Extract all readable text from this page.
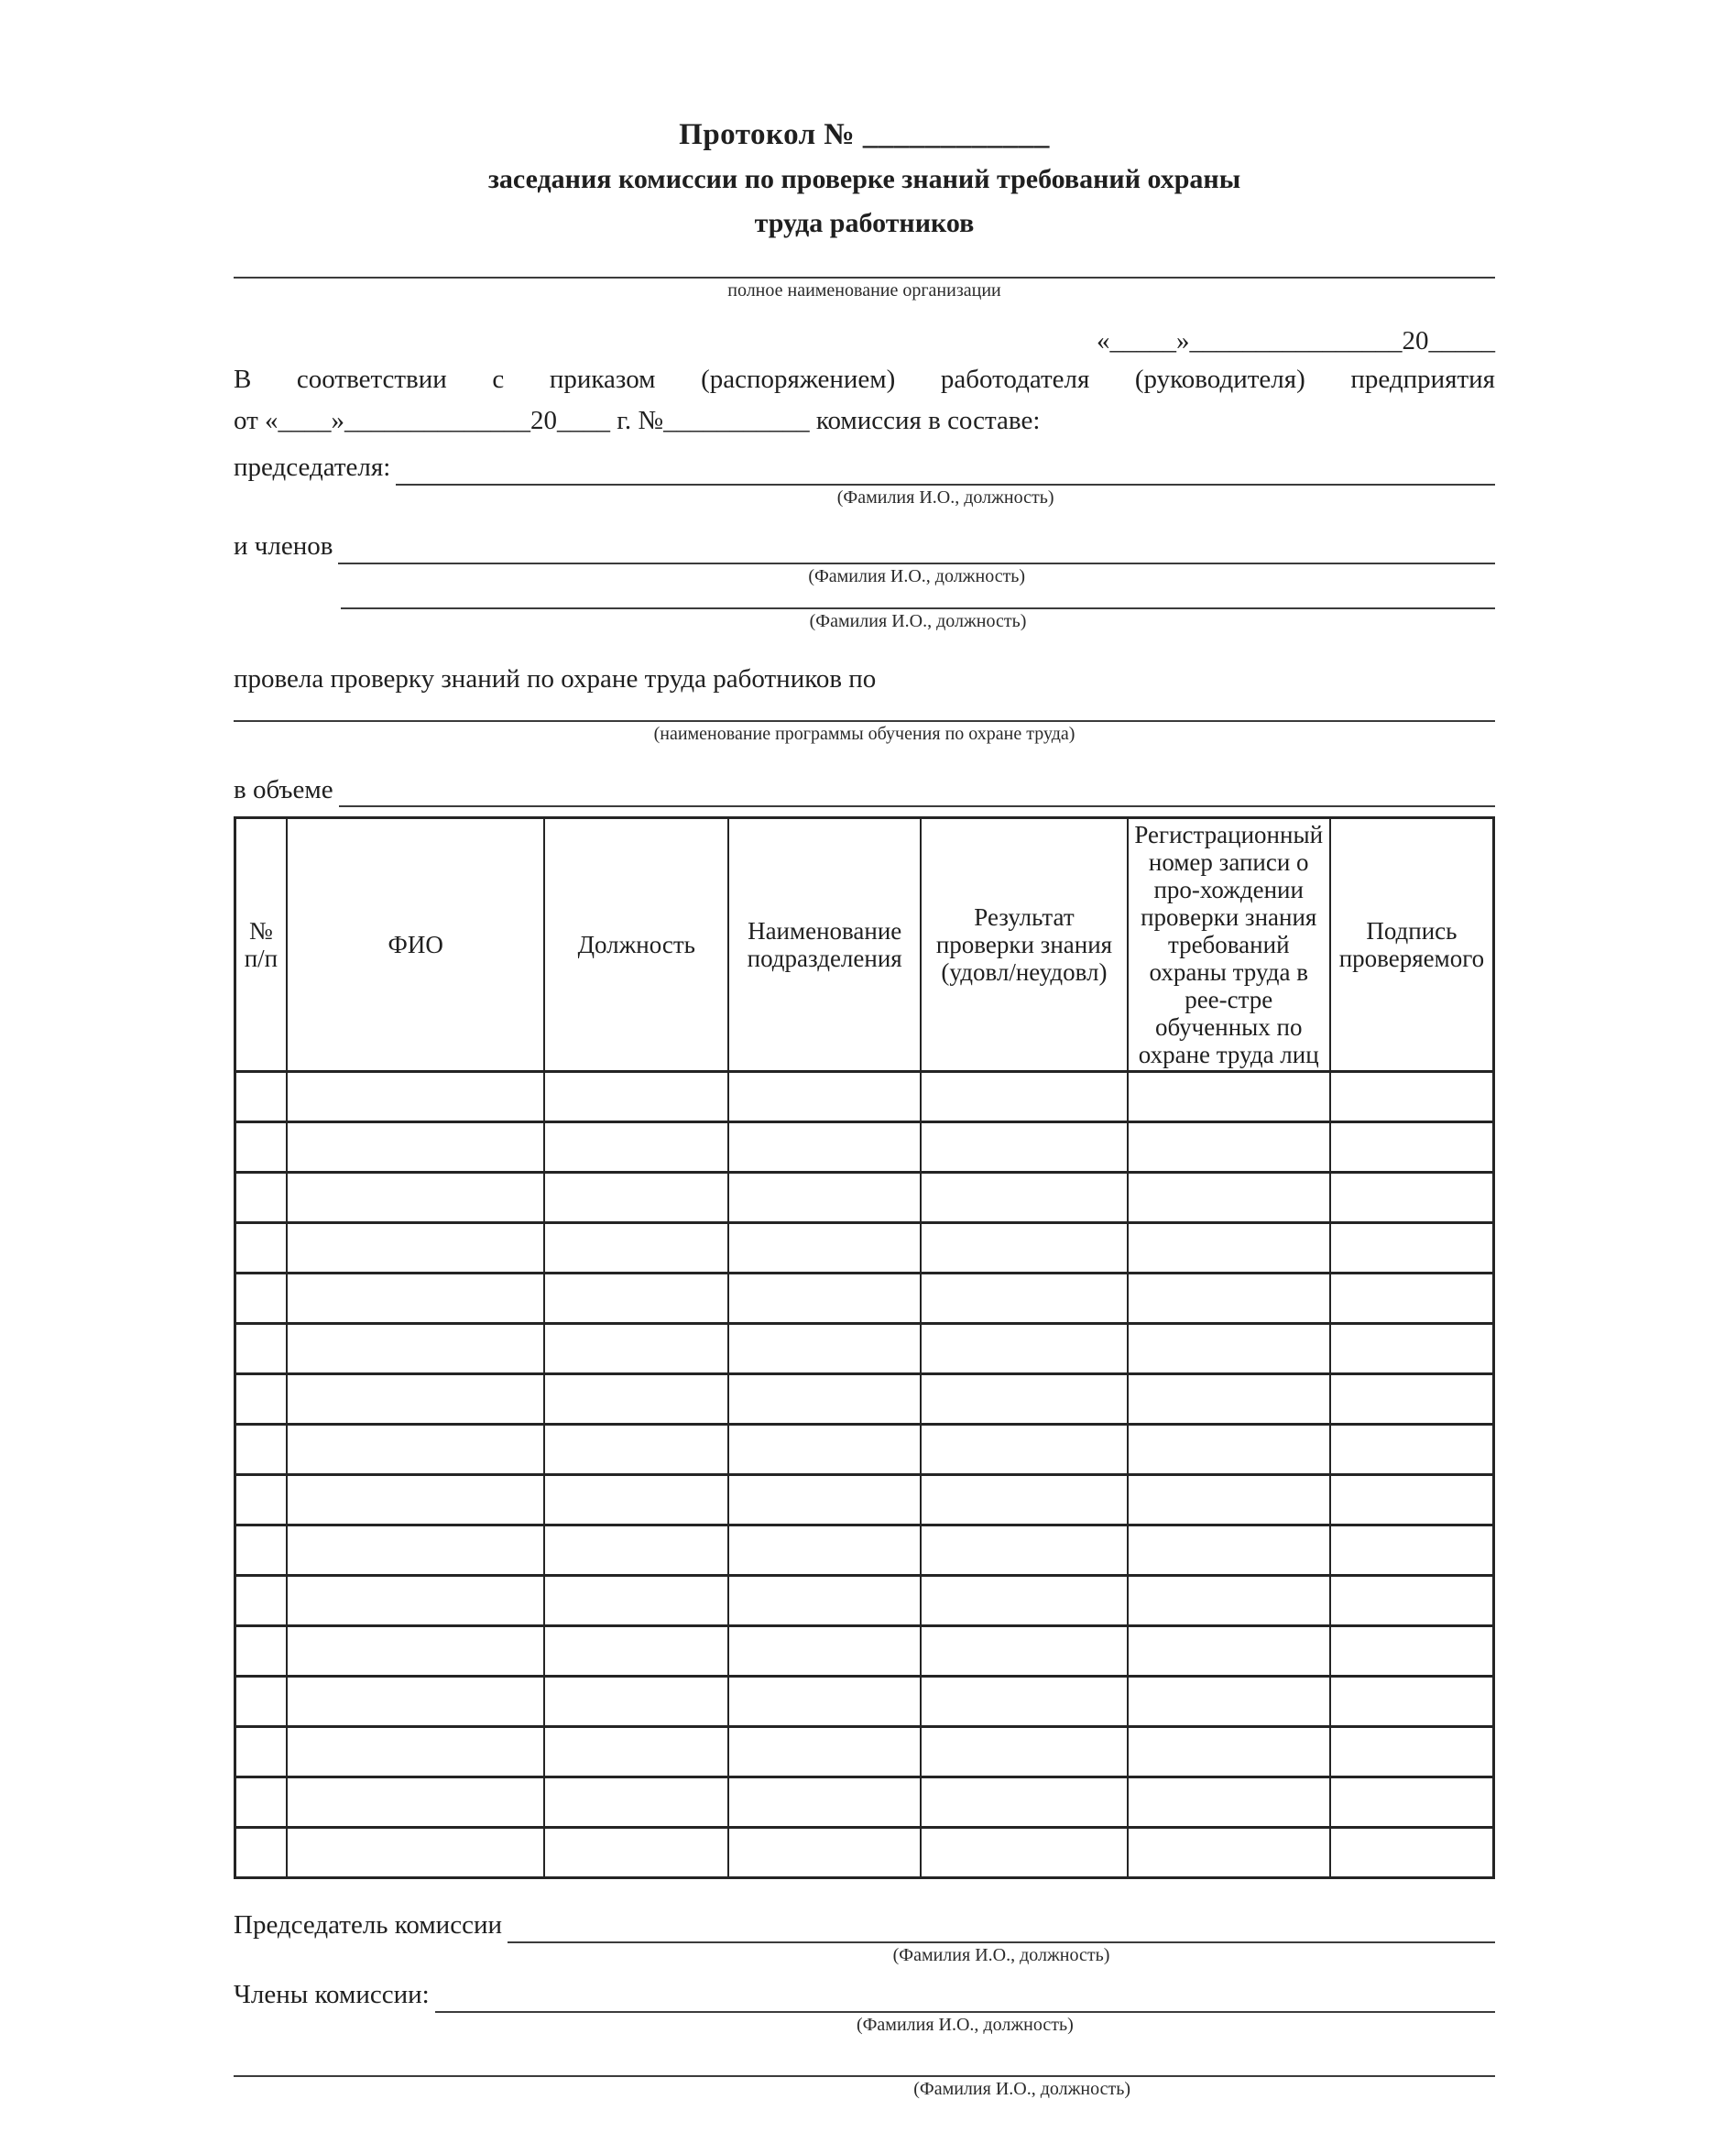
Протокол № ____________
заседания комиссии по проверке знаний требований охраны
труда работников
полное наименование организации
«_____»________________20_____
В соответствии с приказом (распоряжением) работодателя (руководителя) предприятия
от «____»______________20____ г. №___________ комиссия в составе:
председателя:
(Фамилия И.О., должность)
и членов
(Фамилия И.О., должность)
(Фамилия И.О., должность)
провела проверку знаний по охране труда работников по
(наименование программы обучения по охране труда)
в объеме
№ п/п	ФИО	Должность	Наименование подразделения	Результат проверки знания (удовл/неудовл)	Регистрационный номер записи о про-хождении проверки знания требований охраны труда в рее-стре обученных по охране труда лиц	Подпись проверяемого

Председатель комиссии
(Фамилия И.О., должность)
Члены комиссии:
(Фамилия И.О., должность)
(Фамилия И.О., должность)
